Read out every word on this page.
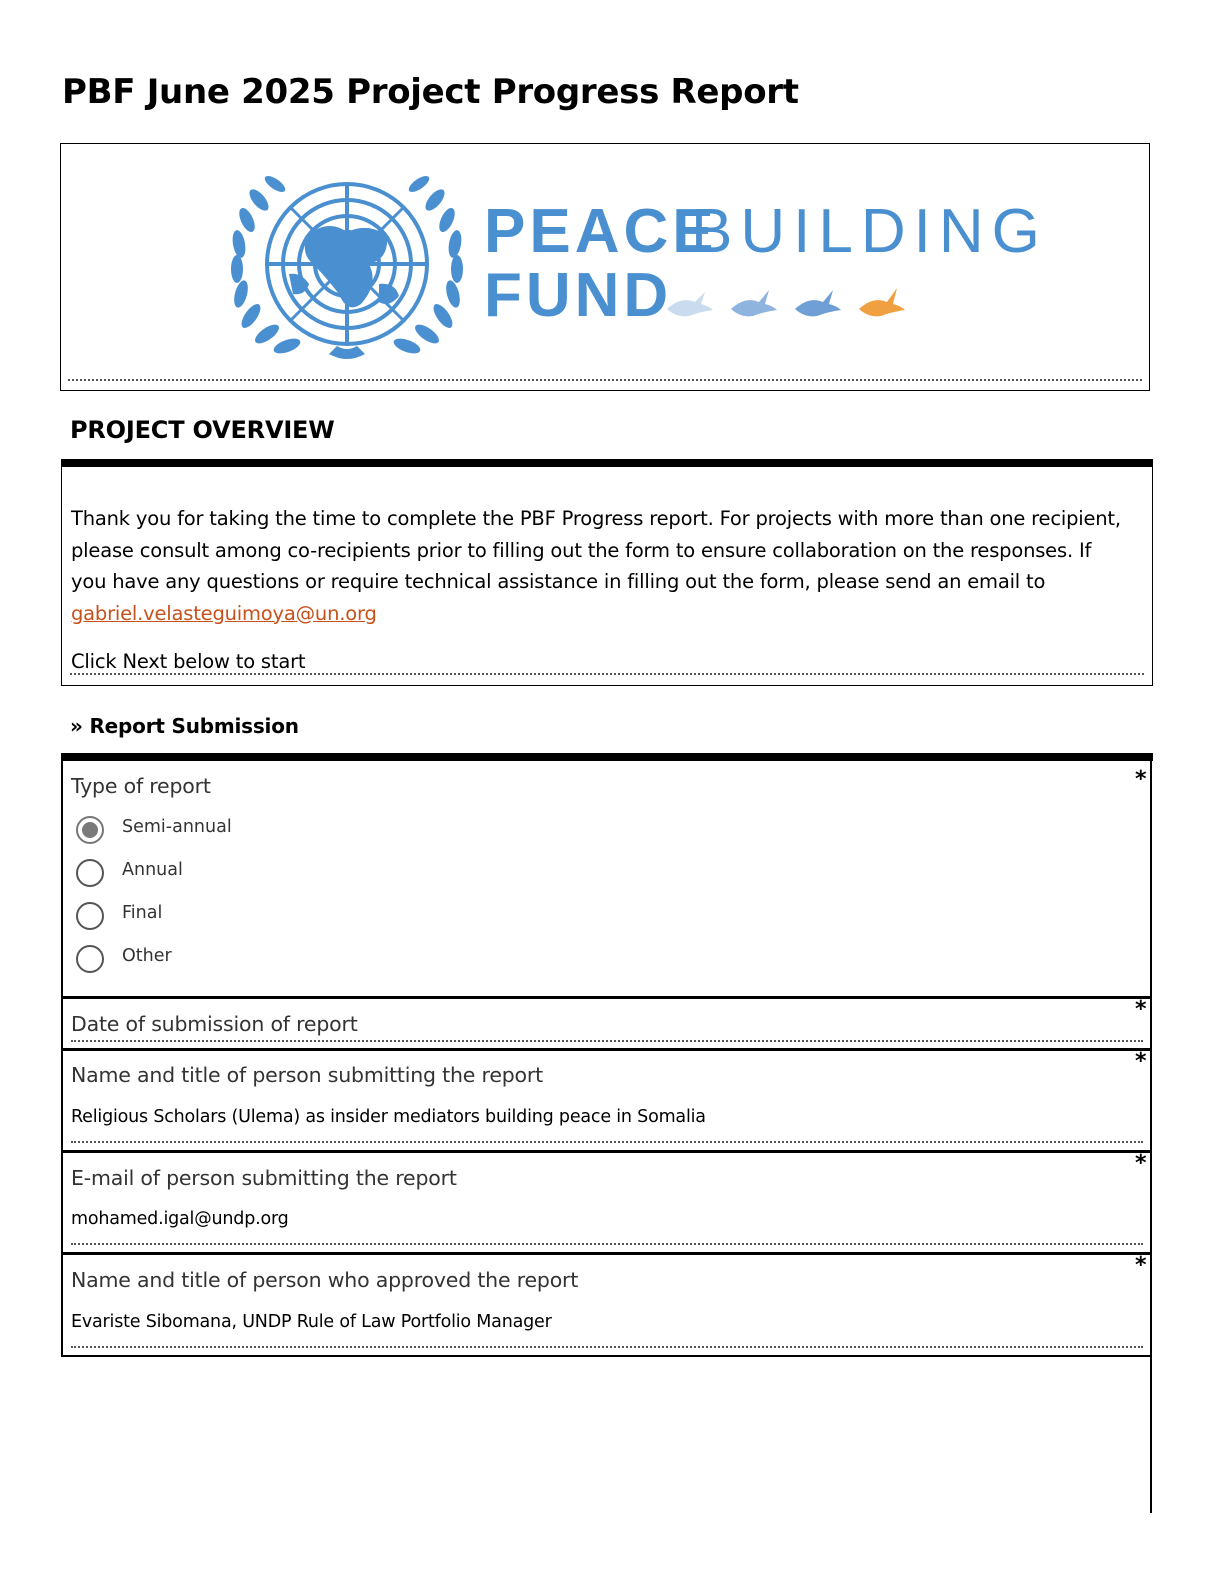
PBF June 2025 Project Progress Report
PEACE
BUILDING
FUND
PROJECT OVERVIEW
Thank you for taking the time to complete the PBF Progress report. For projects with more than one recipient, please consult among co-recipients prior to filling out the form to ensure collaboration on the responses. If you have any questions or require technical assistance in filling out the form, please send an email to gabriel.velasteguimoya@un.org
Click Next below to start
» Report Submission
Type of report	*
Semi-annual
Annual
Final
Other
Date of submission of report
*
Name and title of person submitting the report
*
Religious Scholars (Ulema) as insider mediators building peace in Somalia
E-mail of person submitting the report
*
mohamed.igal@undp.org
Name and title of person who approved the report
*
Evariste Sibomana, UNDP Rule of Law Portfolio Manager
